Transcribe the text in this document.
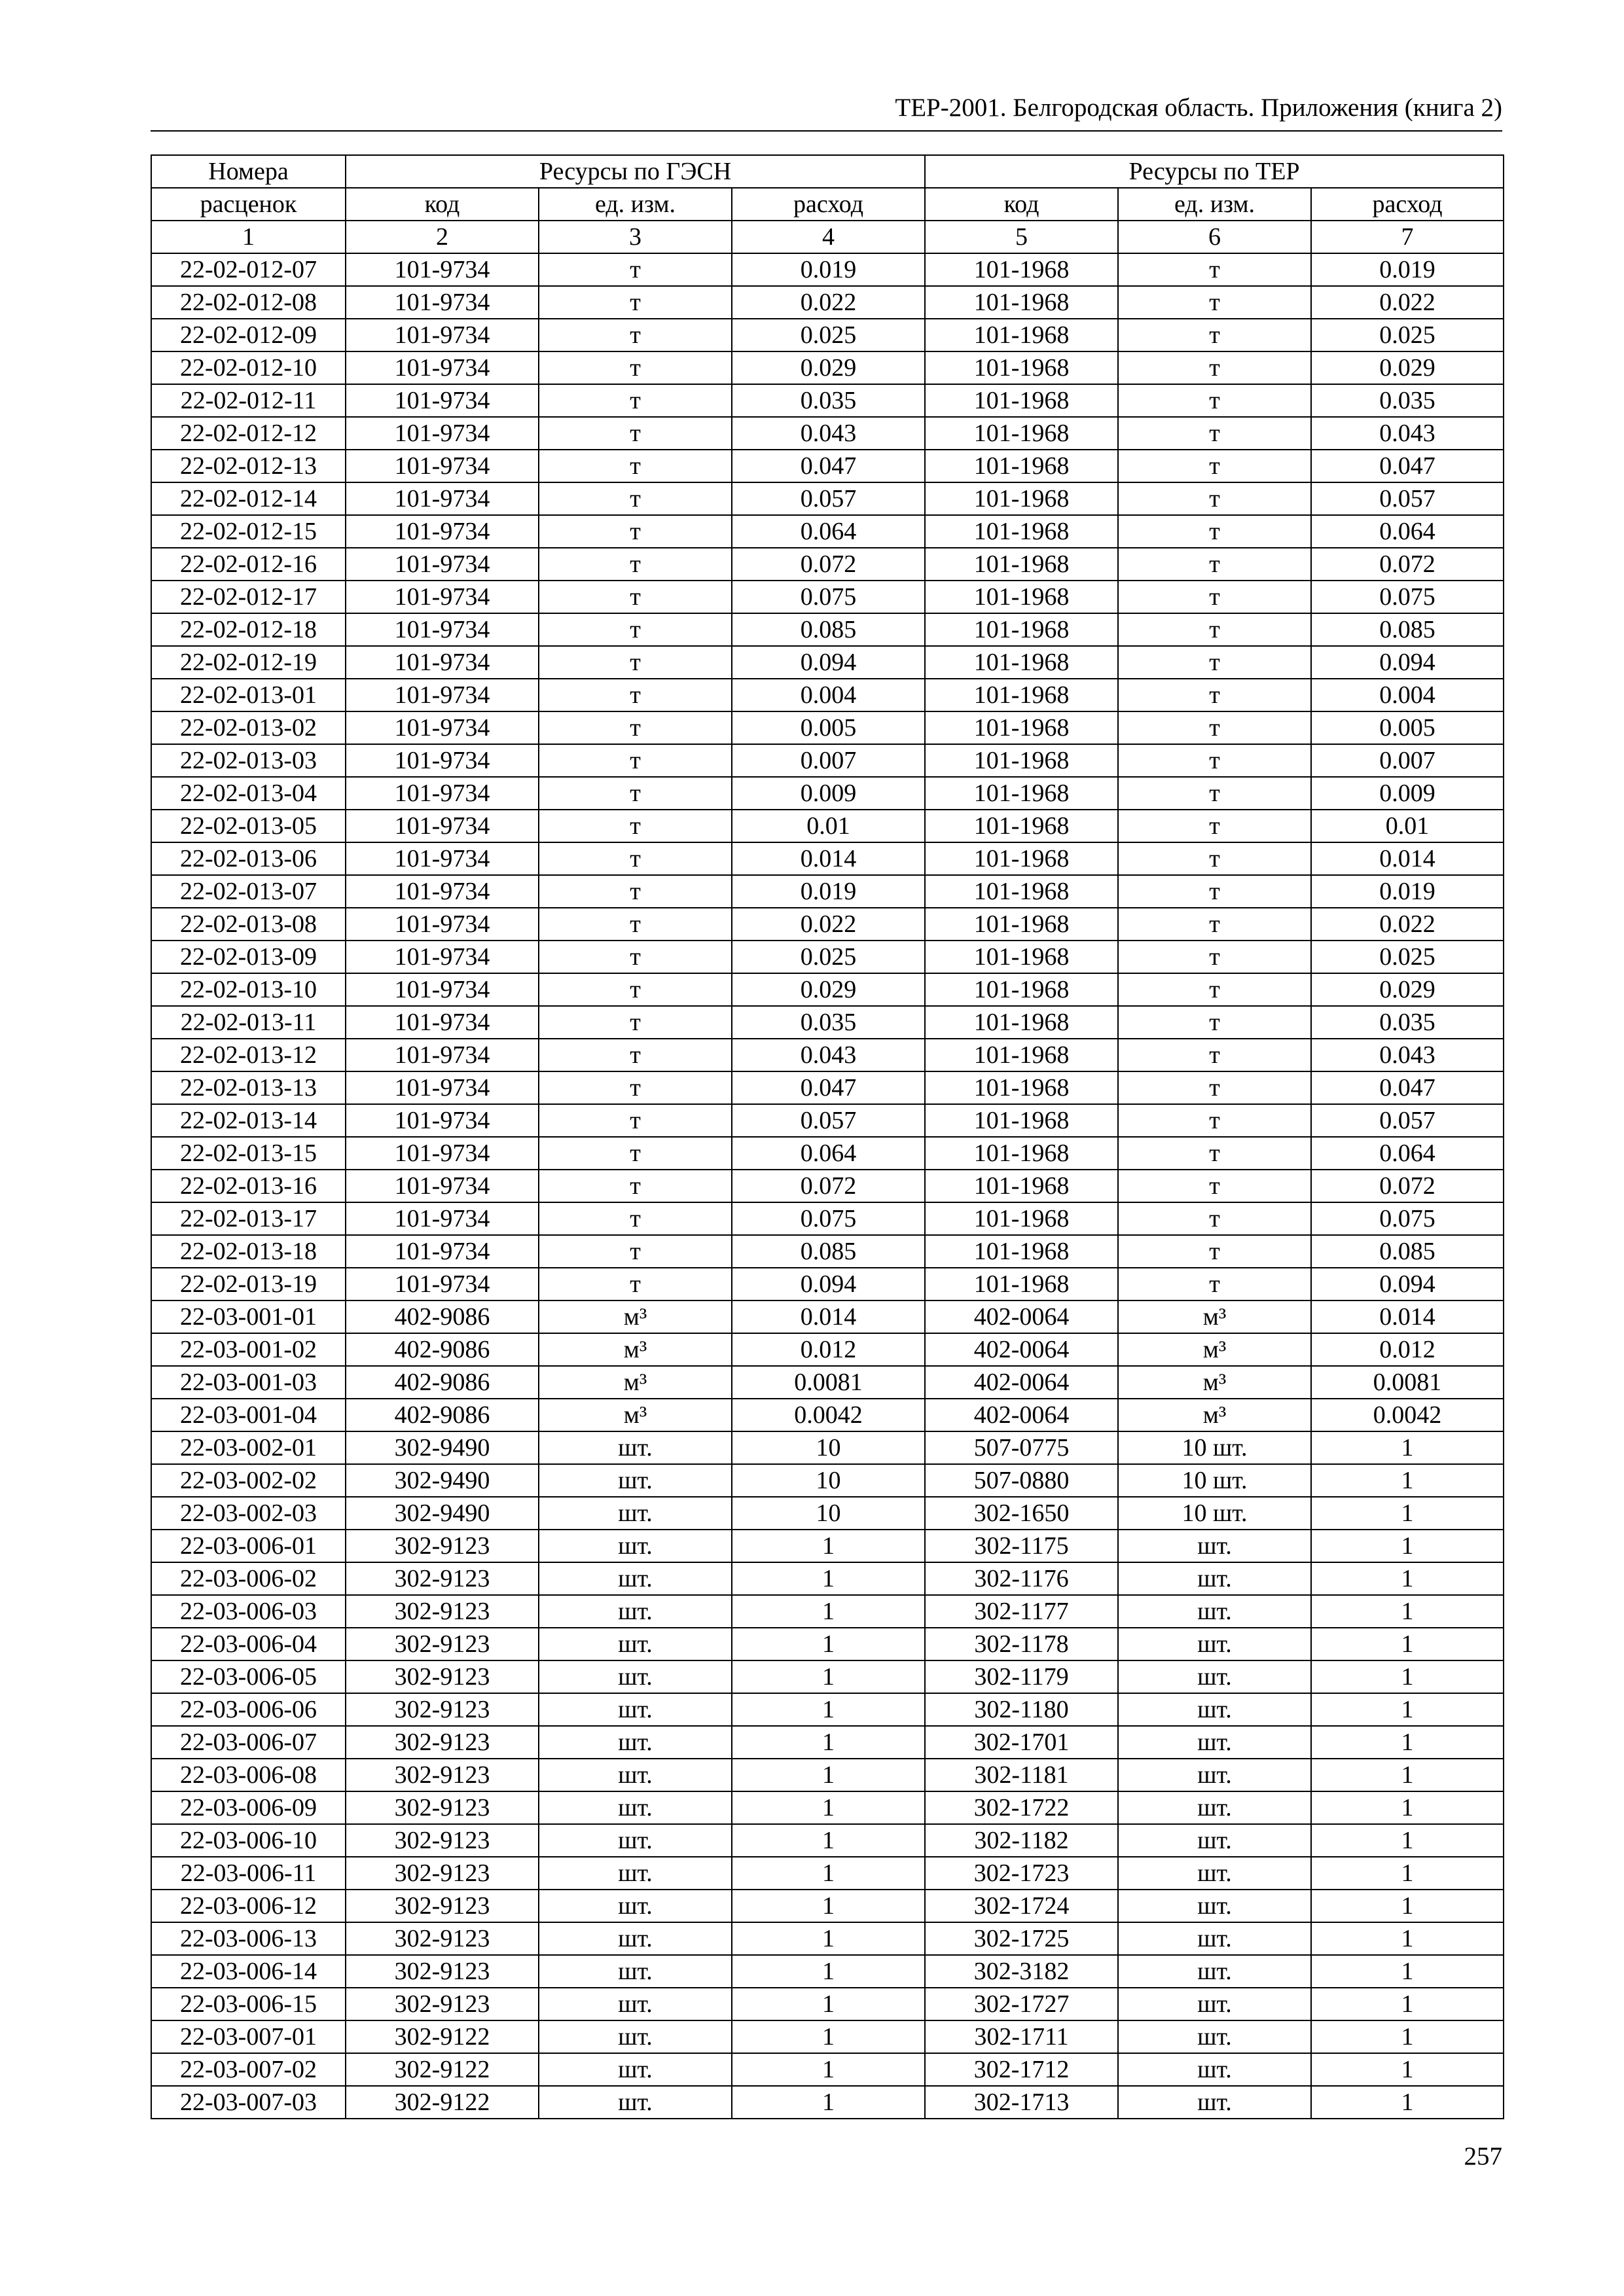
ТЕР-2001. Белгородская область. Приложения (книга 2)
Номера	Ресурсы по ГЭСН			Ресурсы по ТЕР		
расценок	код	ед. изм.	расход	код	ед. изм.	расход
1	2	3	4	5	6	7
22-02-012-07	101-9734	т	0.019	101-1968	т	0.019
22-02-012-08	101-9734	т	0.022	101-1968	т	0.022
22-02-012-09	101-9734	т	0.025	101-1968	т	0.025
22-02-012-10	101-9734	т	0.029	101-1968	т	0.029
22-02-012-11	101-9734	т	0.035	101-1968	т	0.035
22-02-012-12	101-9734	т	0.043	101-1968	т	0.043
22-02-012-13	101-9734	т	0.047	101-1968	т	0.047
22-02-012-14	101-9734	т	0.057	101-1968	т	0.057
22-02-012-15	101-9734	т	0.064	101-1968	т	0.064
22-02-012-16	101-9734	т	0.072	101-1968	т	0.072
22-02-012-17	101-9734	т	0.075	101-1968	т	0.075
22-02-012-18	101-9734	т	0.085	101-1968	т	0.085
22-02-012-19	101-9734	т	0.094	101-1968	т	0.094
22-02-013-01	101-9734	т	0.004	101-1968	т	0.004
22-02-013-02	101-9734	т	0.005	101-1968	т	0.005
22-02-013-03	101-9734	т	0.007	101-1968	т	0.007
22-02-013-04	101-9734	т	0.009	101-1968	т	0.009
22-02-013-05	101-9734	т	0.01	101-1968	т	0.01
22-02-013-06	101-9734	т	0.014	101-1968	т	0.014
22-02-013-07	101-9734	т	0.019	101-1968	т	0.019
22-02-013-08	101-9734	т	0.022	101-1968	т	0.022
22-02-013-09	101-9734	т	0.025	101-1968	т	0.025
22-02-013-10	101-9734	т	0.029	101-1968	т	0.029
22-02-013-11	101-9734	т	0.035	101-1968	т	0.035
22-02-013-12	101-9734	т	0.043	101-1968	т	0.043
22-02-013-13	101-9734	т	0.047	101-1968	т	0.047
22-02-013-14	101-9734	т	0.057	101-1968	т	0.057
22-02-013-15	101-9734	т	0.064	101-1968	т	0.064
22-02-013-16	101-9734	т	0.072	101-1968	т	0.072
22-02-013-17	101-9734	т	0.075	101-1968	т	0.075
22-02-013-18	101-9734	т	0.085	101-1968	т	0.085
22-02-013-19	101-9734	т	0.094	101-1968	т	0.094
22-03-001-01	402-9086	м³	0.014	402-0064	м³	0.014
22-03-001-02	402-9086	м³	0.012	402-0064	м³	0.012
22-03-001-03	402-9086	м³	0.0081	402-0064	м³	0.0081
22-03-001-04	402-9086	м³	0.0042	402-0064	м³	0.0042
22-03-002-01	302-9490	шт.	10	507-0775	10 шт.	1
22-03-002-02	302-9490	шт.	10	507-0880	10 шт.	1
22-03-002-03	302-9490	шт.	10	302-1650	10 шт.	1
22-03-006-01	302-9123	шт.	1	302-1175	шт.	1
22-03-006-02	302-9123	шт.	1	302-1176	шт.	1
22-03-006-03	302-9123	шт.	1	302-1177	шт.	1
22-03-006-04	302-9123	шт.	1	302-1178	шт.	1
22-03-006-05	302-9123	шт.	1	302-1179	шт.	1
22-03-006-06	302-9123	шт.	1	302-1180	шт.	1
22-03-006-07	302-9123	шт.	1	302-1701	шт.	1
22-03-006-08	302-9123	шт.	1	302-1181	шт.	1
22-03-006-09	302-9123	шт.	1	302-1722	шт.	1
22-03-006-10	302-9123	шт.	1	302-1182	шт.	1
22-03-006-11	302-9123	шт.	1	302-1723	шт.	1
22-03-006-12	302-9123	шт.	1	302-1724	шт.	1
22-03-006-13	302-9123	шт.	1	302-1725	шт.	1
22-03-006-14	302-9123	шт.	1	302-3182	шт.	1
22-03-006-15	302-9123	шт.	1	302-1727	шт.	1
22-03-007-01	302-9122	шт.	1	302-1711	шт.	1
22-03-007-02	302-9122	шт.	1	302-1712	шт.	1
22-03-007-03	302-9122	шт.	1	302-1713	шт.	1
257
